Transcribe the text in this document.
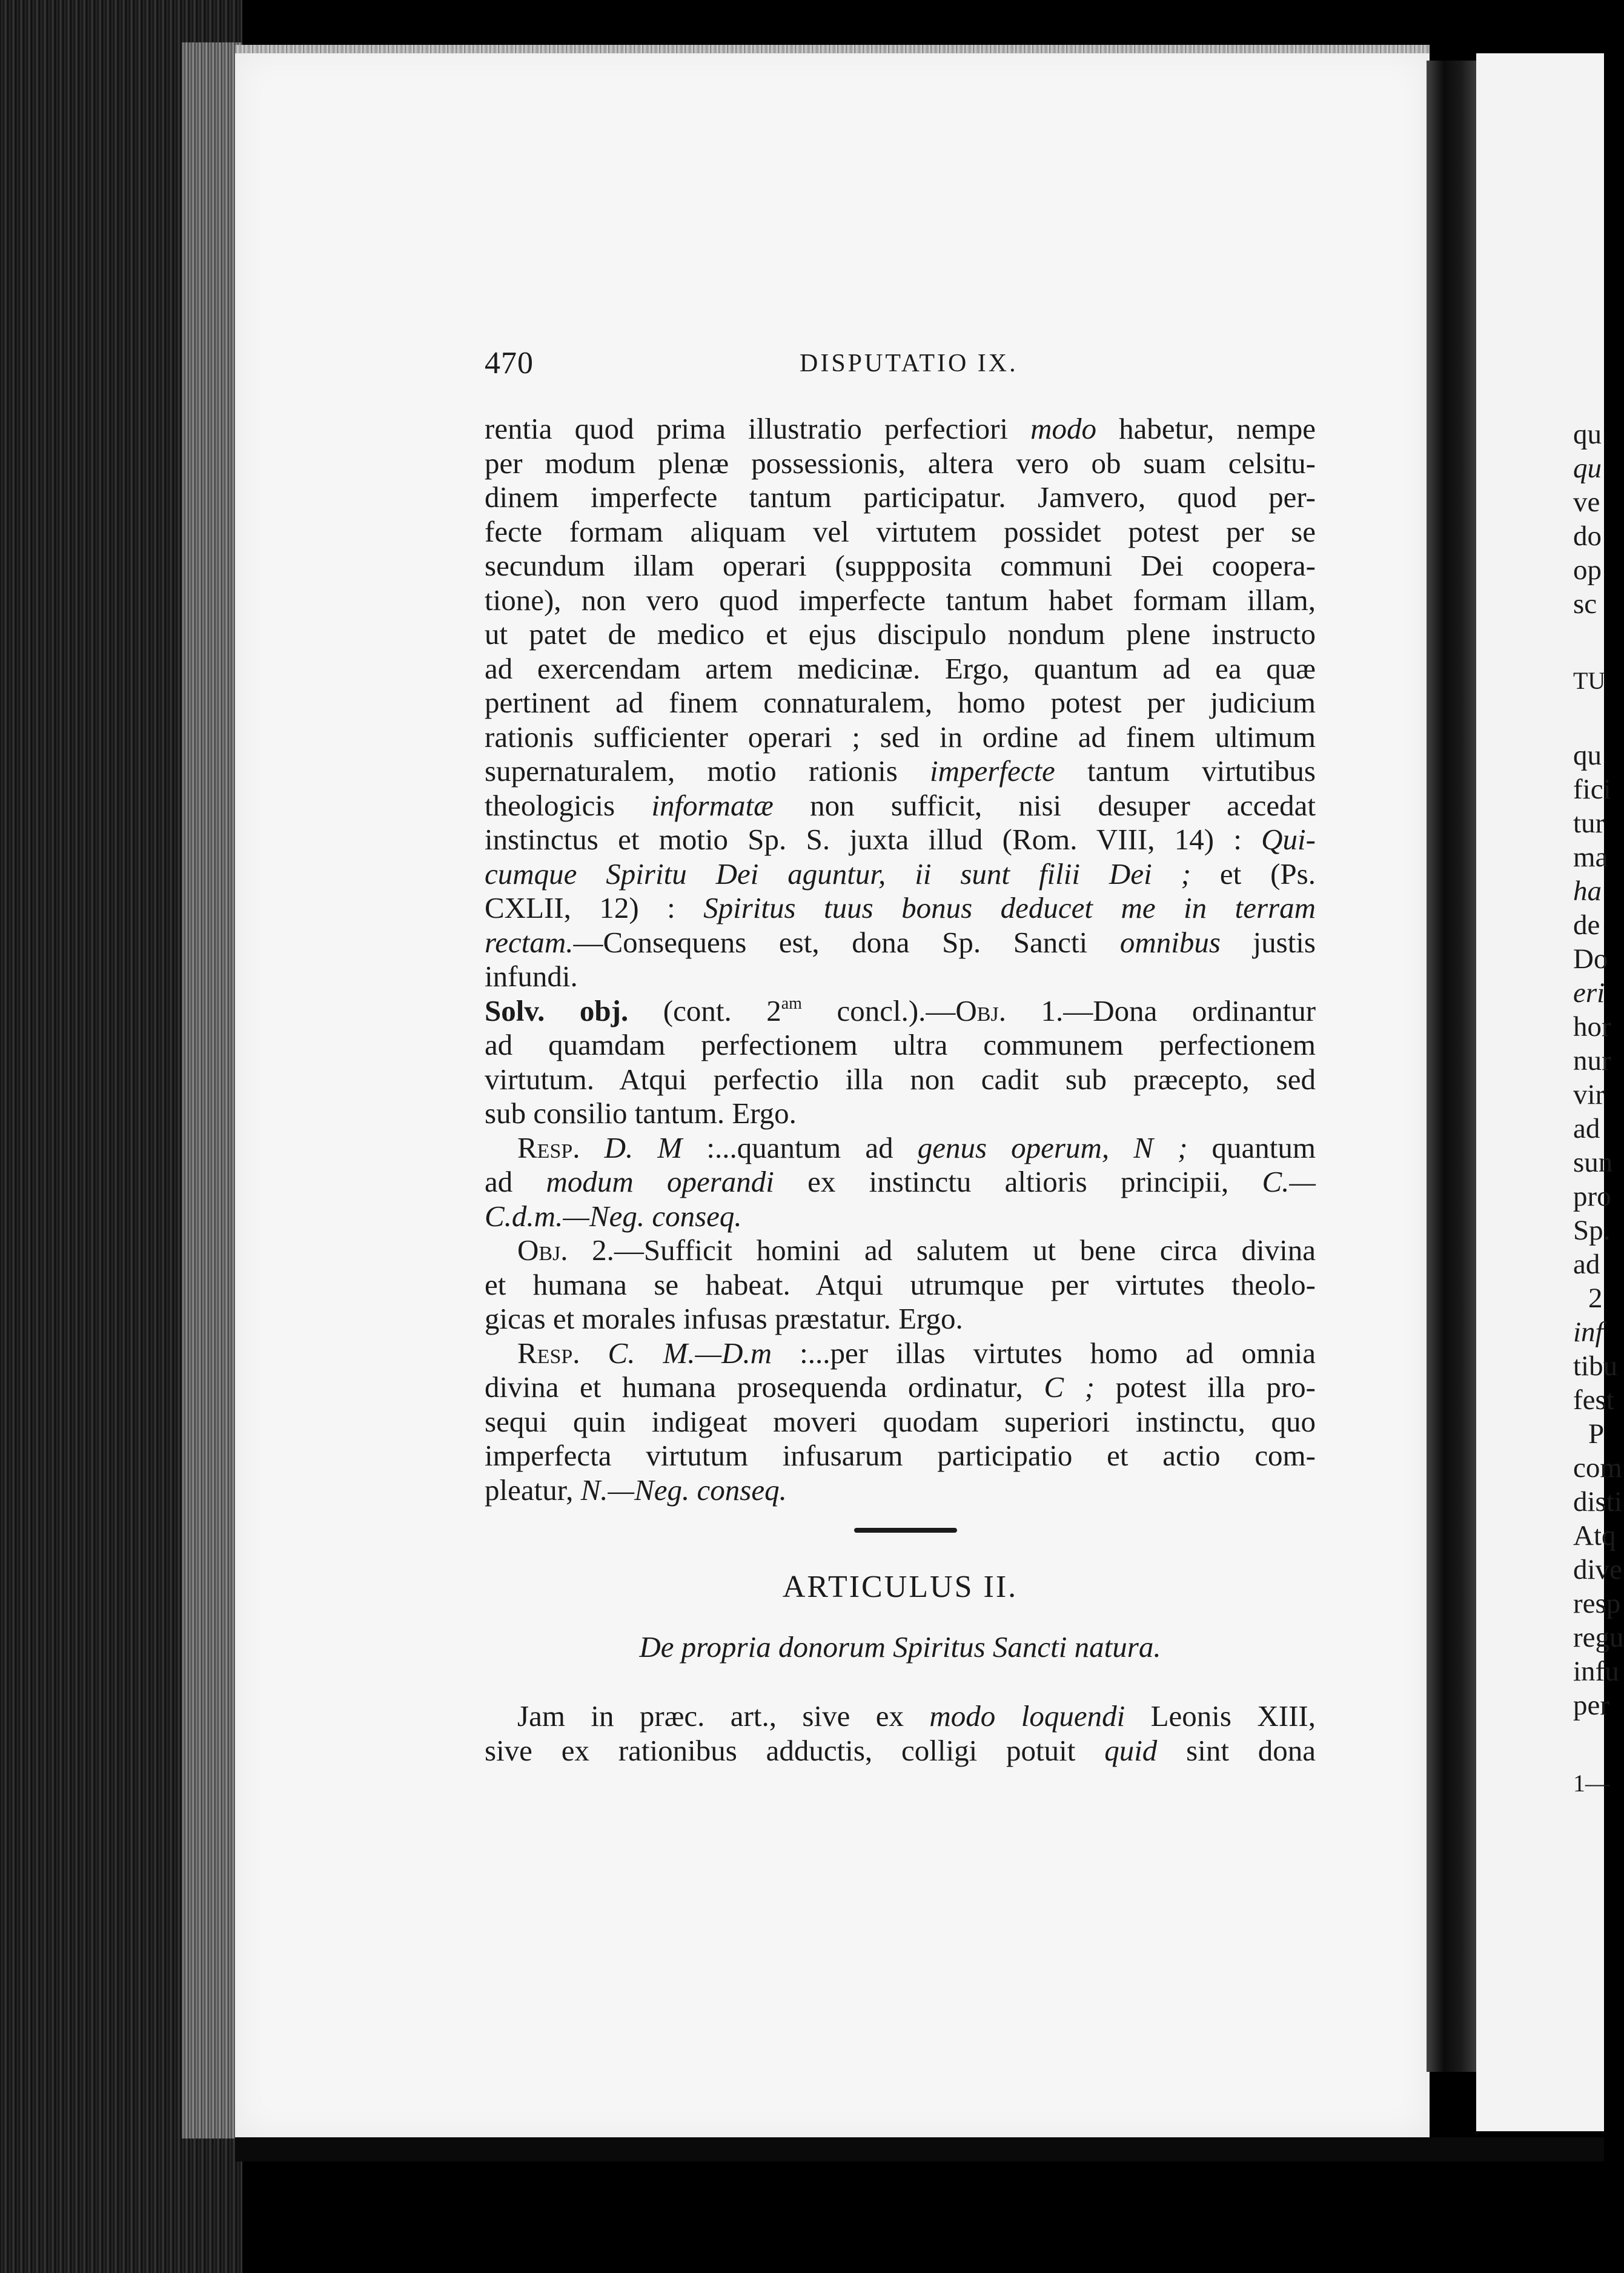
470	DISPUTATIO IX.
rentia quod prima illustratio perfectiori modo habetur, nempe
per modum plenæ possessionis, altera vero ob suam celsitu-
dinem imperfecte tantum participatur. Jamvero, quod per-
fecte formam aliquam vel virtutem possidet potest per se
secundum illam operari (suppposita communi Dei coopera-
tione), non vero quod imperfecte tantum habet formam illam,
ut patet de medico et ejus discipulo nondum plene instructo
ad exercendam artem medicinæ. Ergo, quantum ad ea quæ
pertinent ad finem connaturalem, homo potest per judicium
rationis sufficienter operari ; sed in ordine ad finem ultimum
supernaturalem, motio rationis imperfecte tantum virtutibus
theologicis informatæ non sufficit, nisi desuper accedat
instinctus et motio Sp. S. juxta illud (Rom. VIII, 14) : Qui-
cumque Spiritu Dei aguntur, ii sunt filii Dei ; et (Ps.
CXLII, 12) : Spiritus tuus bonus deducet me in terram
rectam.—Consequens est, dona Sp. Sancti omnibus justis
infundi.
Solv. obj. (cont. $2^{am}$ concl.).—Obj. 1.—Dona ordinantur
ad quamdam perfectionem ultra communem perfectionem
virtutum. Atqui perfectio illa non cadit sub præcepto, sed
sub consilio tantum. Ergo.
Resp. D. M :...quantum ad genus operum, N ; quantum
ad modum operandi ex instinctu altioris principii, C.—
C.d.m.—Neg. conseq.
Obj. 2.—Sufficit homini ad salutem ut bene circa divina
et humana se habeat. Atqui utrumque per virtutes theolo-
gicas et morales infusas præstatur. Ergo.
Resp. C. M.—D.m :...per illas virtutes homo ad omnia
divina et humana prosequenda ordinatur, C ; potest illa pro-
sequi quin indigeat moveri quodam superiori instinctu, quo
imperfecta virtutum infusarum participatio et actio com-
pleatur, N.—Neg. conseq.
ARTICULUS II.
De propria donorum Spiritus Sancti natura.
Jam in præc. art., sive ex modo loquendi Leonis XIII,
sive ex rationibus adductis, colligi potuit quid sint dona
qu
qu
ve
do
op
sc
TU
qu
fici
tur
ma
ha
de
Do
eri
hor
nur
vir
ad
sun
pro
Sp.
ad
2
inf
tibu
fest
P
com
disti
Atq
dive
resp
regu
infu
per
1—
